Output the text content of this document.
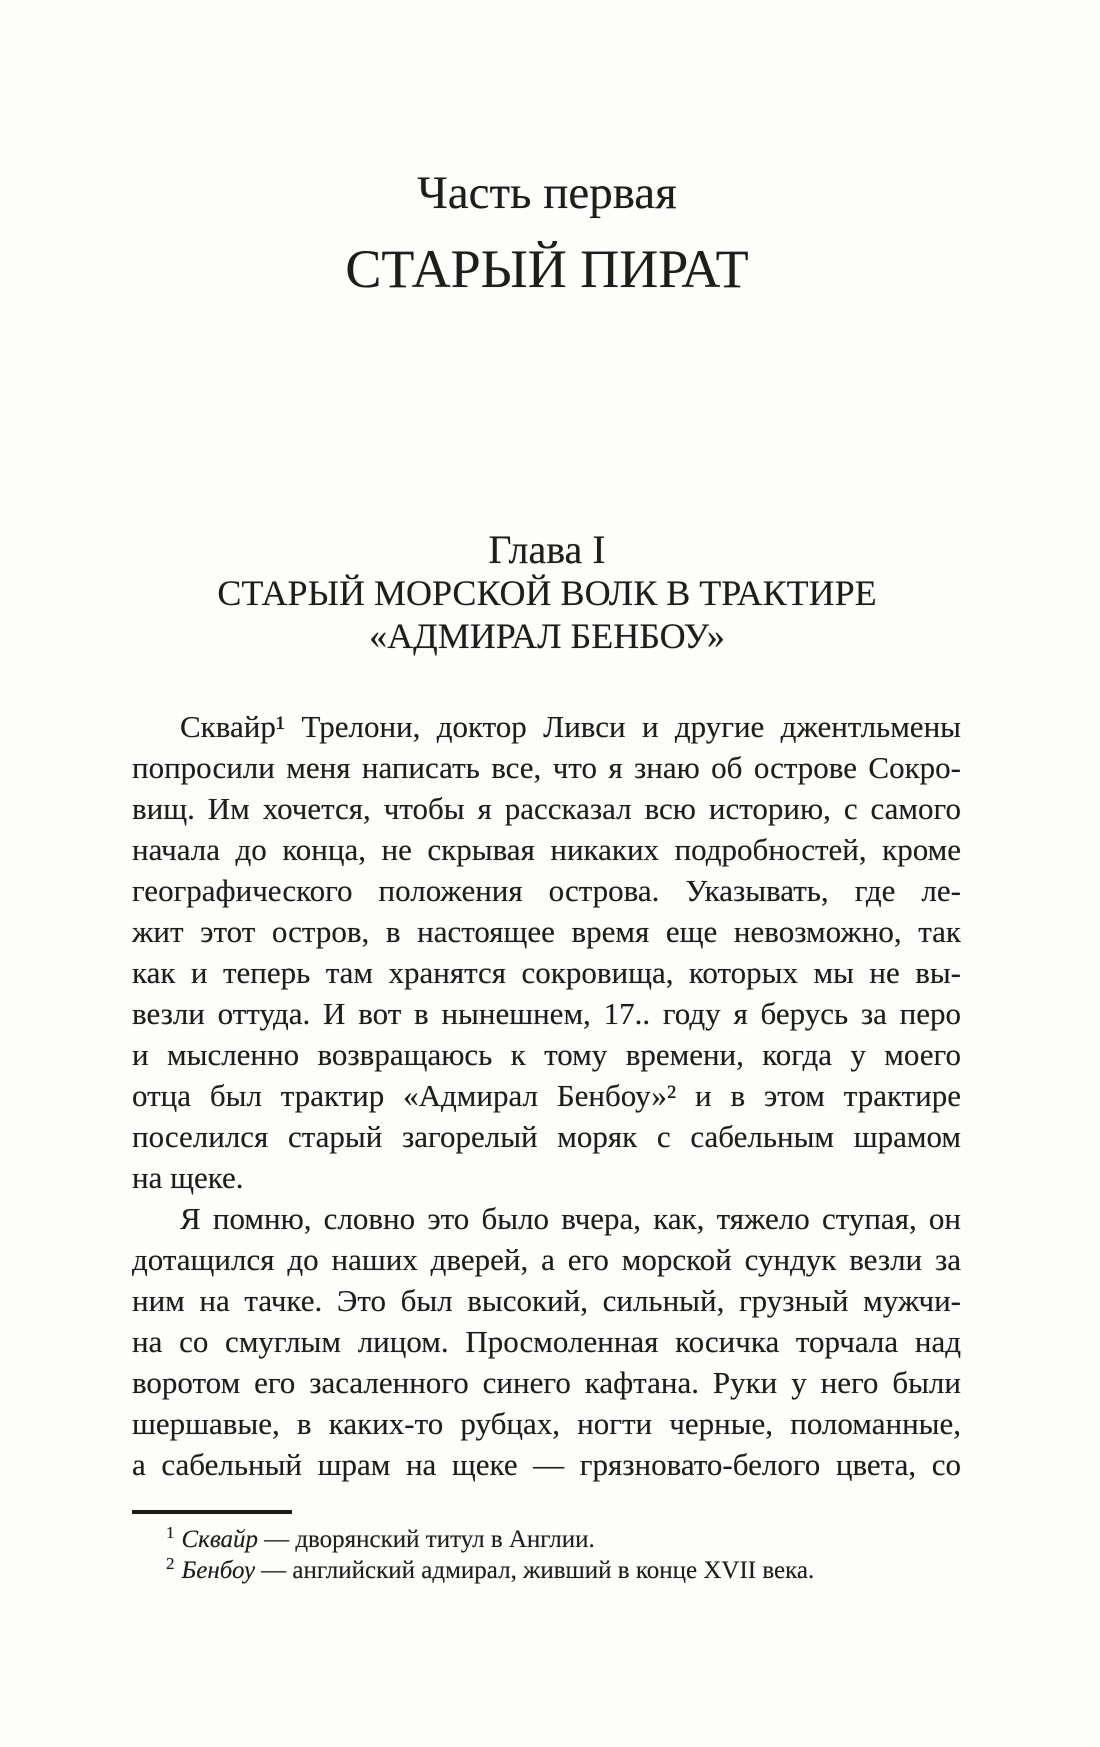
Часть первая
СТАРЫЙ ПИРАТ
Глава I
СТАРЫЙ МОРСКОЙ ВОЛК В ТРАКТИРЕ
«АДМИРАЛ БЕНБОУ»
Сквайр¹ Трелони, доктор Ливси и другие джентльмены
попросили меня написать все, что я знаю об острове Сокро-
вищ. Им хочется, чтобы я рассказал всю историю, с самого
начала до конца, не скрывая никаких подробностей, кроме
географического положения острова. Указывать, где ле-
жит этот остров, в настоящее время еще невозможно, так
как и теперь там хранятся сокровища, которых мы не вы-
везли оттуда. И вот в нынешнем, 17.. году я берусь за перо
и мысленно возвращаюсь к тому времени, когда у моего
отца был трактир «Адмирал Бенбоу»² и в этом трактире
поселился старый загорелый моряк с сабельным шрамом
на щеке.
Я помню, словно это было вчера, как, тяжело ступая, он
дотащился до наших дверей, а его морской сундук везли за
ним на тачке. Это был высокий, сильный, грузный мужчи-
на со смуглым лицом. Просмоленная косичка торчала над
воротом его засаленного синего кафтана. Руки у него были
шершавые, в каких-то рубцах, ногти черные, поломанные,
а сабельный шрам на щеке — грязновато-белого цвета, со
$^1$ Сквайр — дворянский титул в Англии.
$^2$ Бенбоу — английский адмирал, живший в конце XVII века.
